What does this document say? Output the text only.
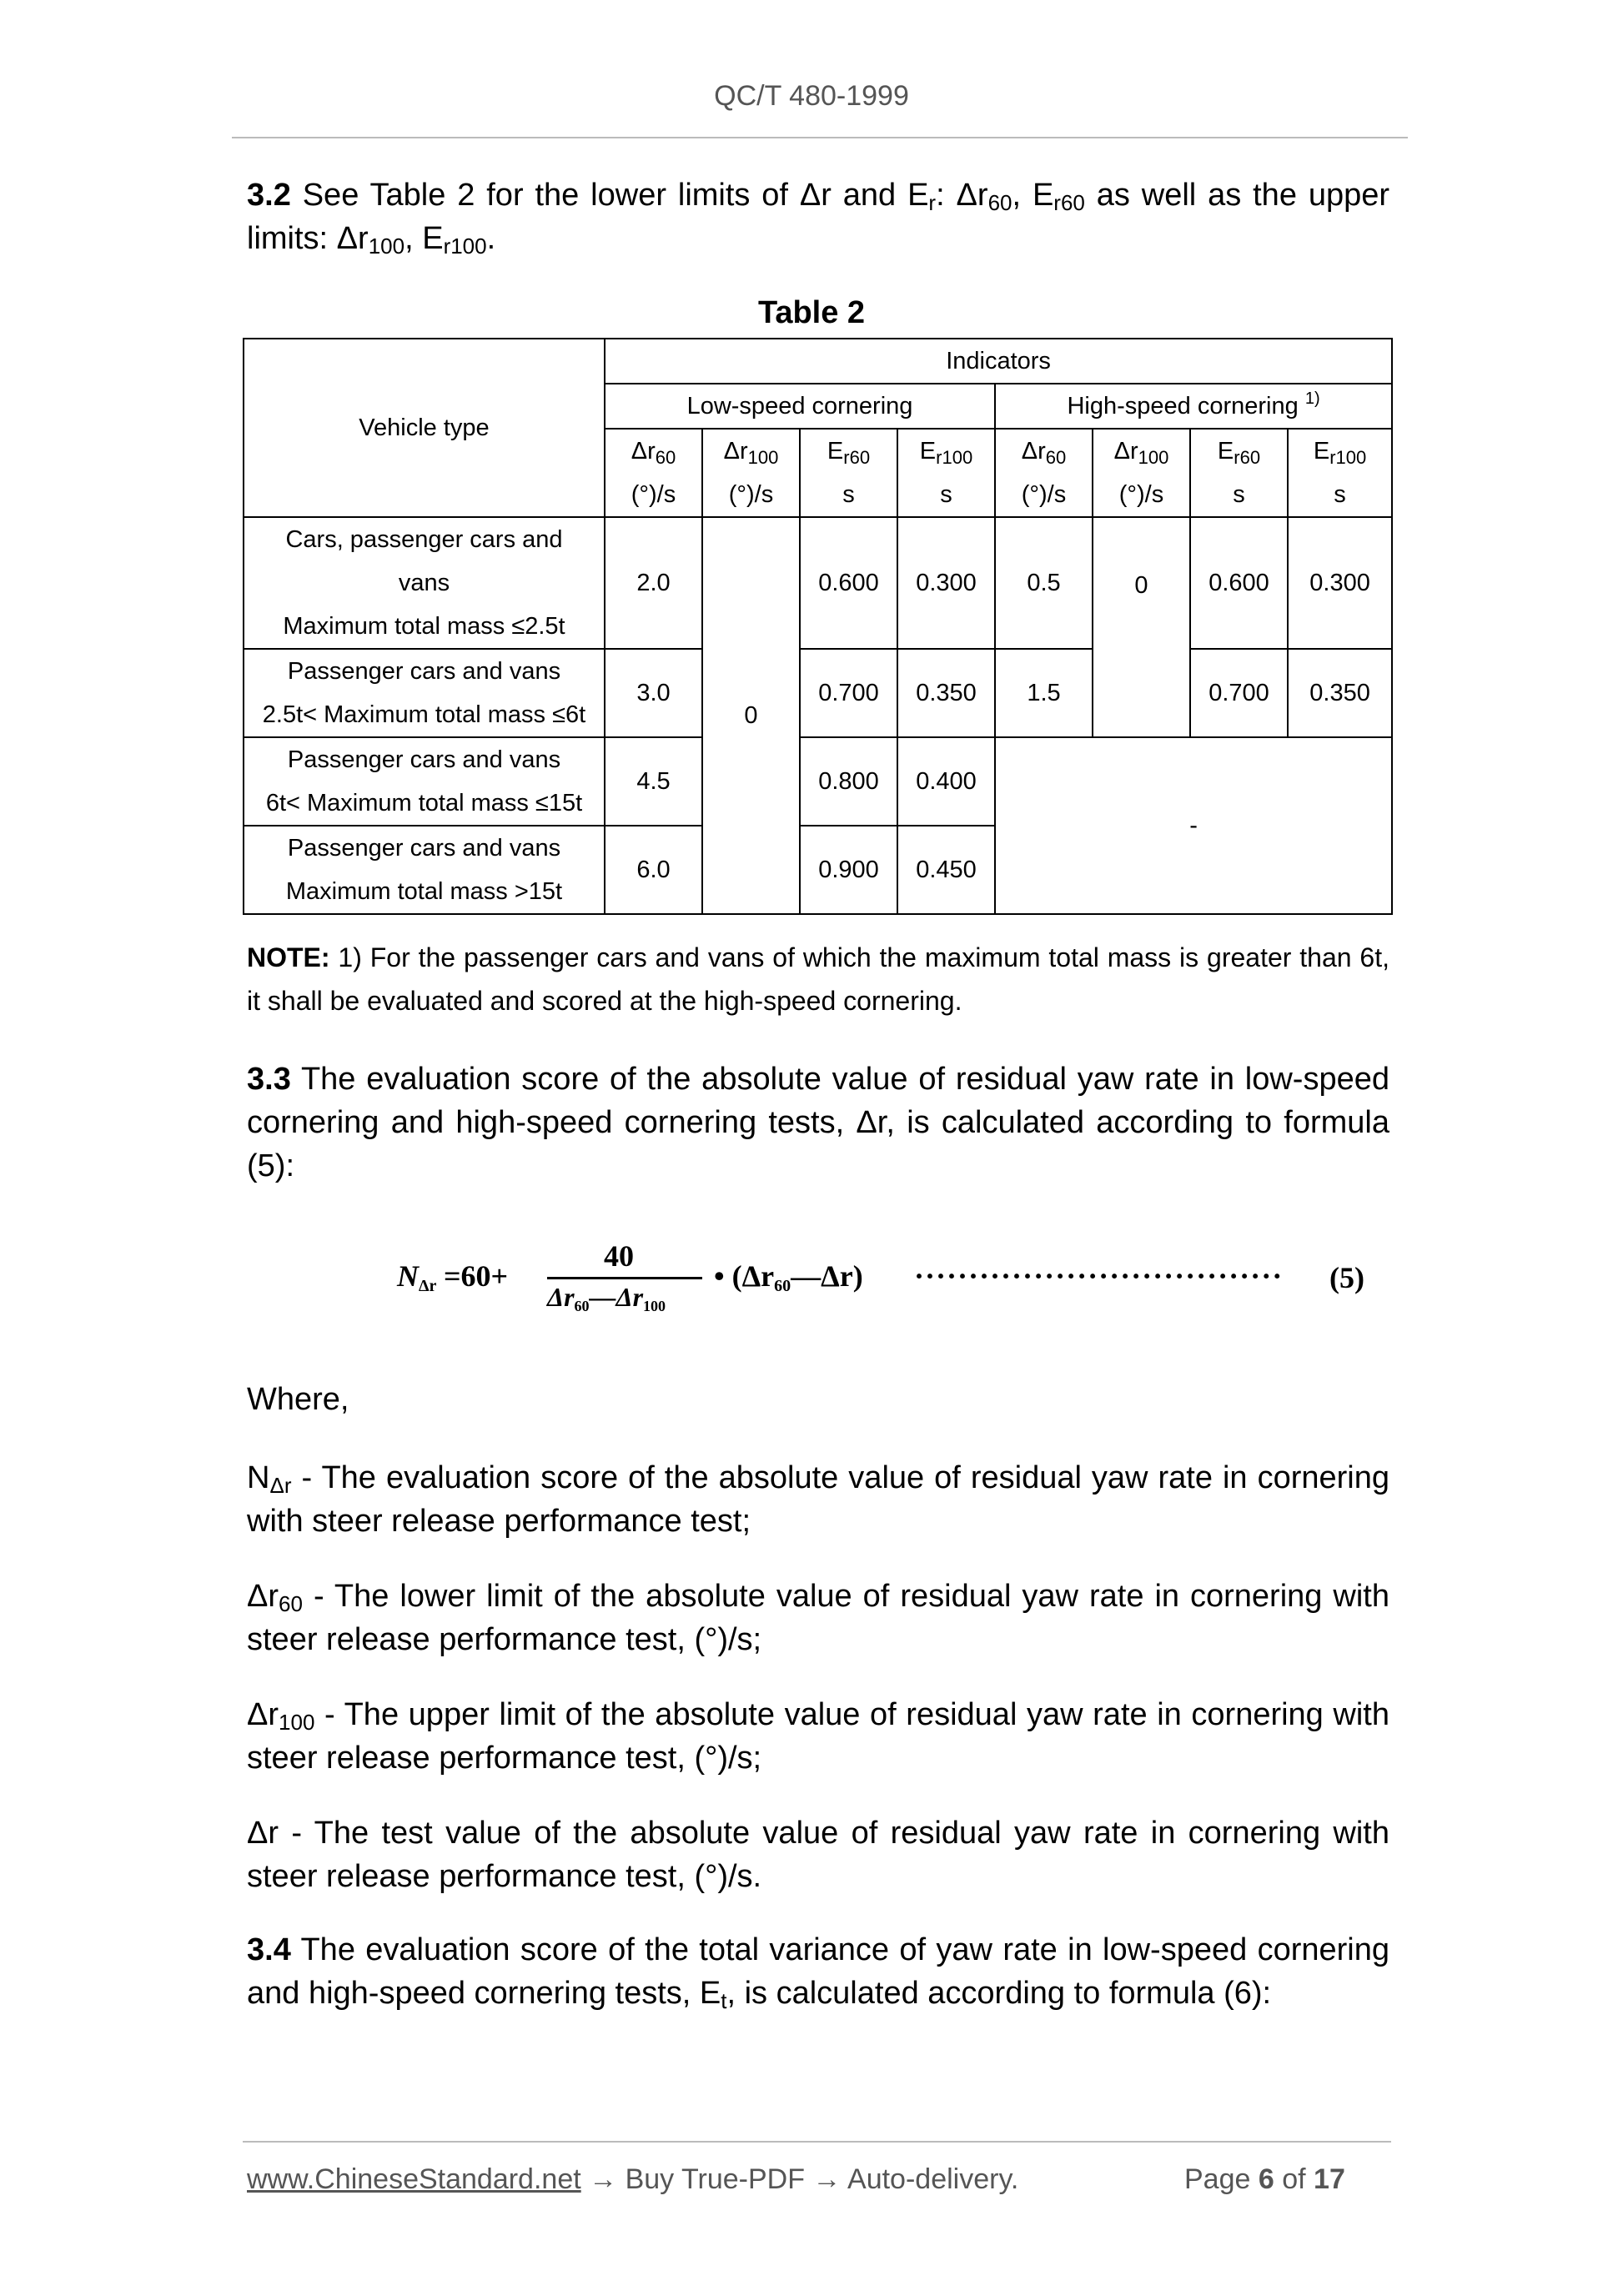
QC/T 480-1999
3.2 See Table 2 for the lower limits of Δr and $E_r$: $\Delta r_{60}$, $E_{r60}$ as well as the upper limits: $\Delta r_{100}$, $E_{r100}$.
Table 2
Vehicle type	Indicators							
	Low-speed cornering				High-speed cornering $^{1)}$
	$\Delta r_{60}$	$\Delta r_{100}$	$E_{r60}$	$E_{r100}$	$\Delta r_{60}$	$\Delta r_{100}$	$E_{r60}$	$E_{r100}$
	(°)/s	(°)/s	s	s	(°)/s	(°)/s	s	s

Cars, passenger cars and
vans
Maximum total mass ≤2.5t	2.0	0	0.600	0.300	0.5	0	0.600	0.300

Passenger cars and vans
2.5t< Maximum total mass ≤6t	3.0		0.700	0.350	1.5		0.700	0.350

Passenger cars and vans
6t< Maximum total mass ≤15t	4.5		0.800	0.400	-			

Passenger cars and vans
Maximum total mass >15t	6.0		0.900	0.450				
NOTE: 1) For the passenger cars and vans of which the maximum total mass is greater than 6t, it shall be evaluated and scored at the high-speed cornering.
3.3 The evaluation score of the absolute value of residual yaw rate in low-speed cornering and high-speed cornering tests, Δr, is calculated according to formula (5):
$N_{\Delta r} =60+$
40
$\Delta r_{60}—\Delta r_{100}$
• $(\Delta r_{60}—\Delta r)$ ·································· (5)
Where,
$N_{\Delta r}$ - The evaluation score of the absolute value of residual yaw rate in cornering with steer release performance test;
$\Delta r_{60}$ - The lower limit of the absolute value of residual yaw rate in cornering with steer release performance test, (°)/s;
$\Delta r_{100}$ - The upper limit of the absolute value of residual yaw rate in cornering with steer release performance test, (°)/s;
Δr - The test value of the absolute value of residual yaw rate in cornering with steer release performance test, (°)/s.
3.4 The evaluation score of the total variance of yaw rate in low-speed cornering and high-speed cornering tests, $E_t$, is calculated according to formula (6):
www.ChineseStandard.net → Buy True-PDF → Auto-delivery.	Page 6 of 17
